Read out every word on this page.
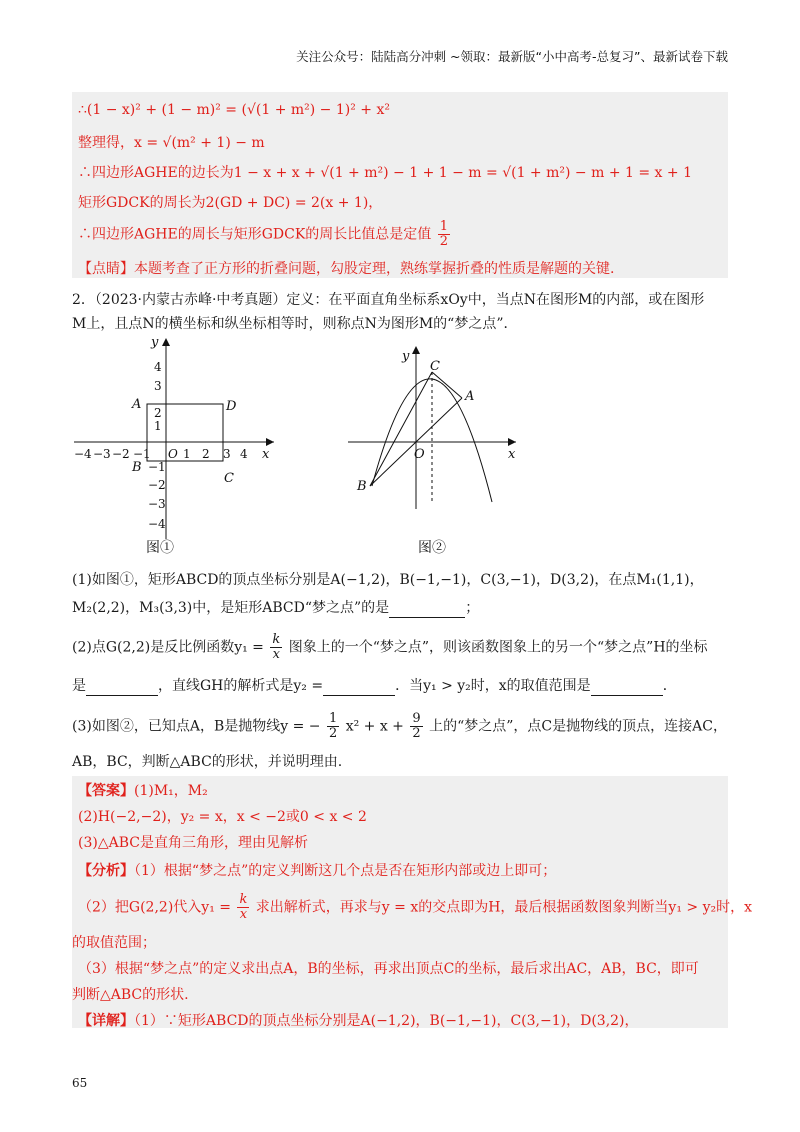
关注公众号：陆陆高分冲刺 ~领取：最新版“小中高考-总复习”、最新试卷下载
∴(1 − x)² + (1 − m)² = (√(1 + m²) − 1)² + x²
整理得，x = √(m² + 1) − m
∴四边形AGHE的边长为1 − x + x + √(1 + m²) − 1 + 1 − m = √(1 + m²) − m + 1 = x + 1
矩形GDCK的周长为2(GD + DC) = 2(x + 1)，
∴四边形AGHE的周长与矩形GDCK的周长比值总是定值 $\frac{1}{2}$
【点睛】本题考查了正方形的折叠问题，勾股定理，熟练掌握折叠的性质是解题的关键.
2．（2023·内蒙古赤峰·中考真题）定义：在平面直角坐标系xOy中，当点N在图形M的内部，或在图形
M上，且点N的横坐标和纵坐标相等时，则称点N为图形M的“梦之点”．
y
x
A	D
B
C
−4 −3 −2 −1 O 1 2 3 4
4
3
2
1
−1
−2
−3
−4
图①
y
x
O
C
A
B
图②
(1)如图①，矩形ABCD的顶点坐标分别是A(−1,2)，B(−1,−1)，C(3,−1)，D(3,2)，在点M₁(1,1)，
M₂(2,2)，M₃(3,3)中，是矩形ABCD“梦之点”的是	；
(2)点G(2,2)是反比例函数$y_1 = \frac{k}{x}$ 图象上的一个“梦之点”，则该函数图象上的另一个“梦之点”H的坐标
是	，直线GH的解析式是y₂ =	．当y₁ > y₂时，x的取值范围是	．
(3)如图②，已知点A，B是抛物线y = − $\frac{1}{2} x^2 + x + \frac{9}{2}$ 上的“梦之点”，点C是抛物线的顶点，连接AC，
AB，BC，判断△ABC的形状，并说明理由.
【答案】(1)M₁，M₂
(2)H(−2,−2)，y₂ = x，x < −2或0 < x < 2
(3)△ABC是直角三角形，理由见解析
【分析】（1）根据“梦之点”的定义判断这几个点是否在矩形内部或边上即可；
（2）把G(2,2)代入$y_1 = \frac{k}{x}$ 求出解析式，再求与y = x的交点即为H，最后根据函数图象判断当y₁ > y₂时，x
的取值范围；
（3）根据“梦之点”的定义求出点A，B的坐标，再求出顶点C的坐标，最后求出AC，AB，BC，即可
判断△ABC的形状.
【详解】（1）∵矩形ABCD的顶点坐标分别是A(−1,2)，B(−1,−1)，C(3,−1)，D(3,2)，
65
